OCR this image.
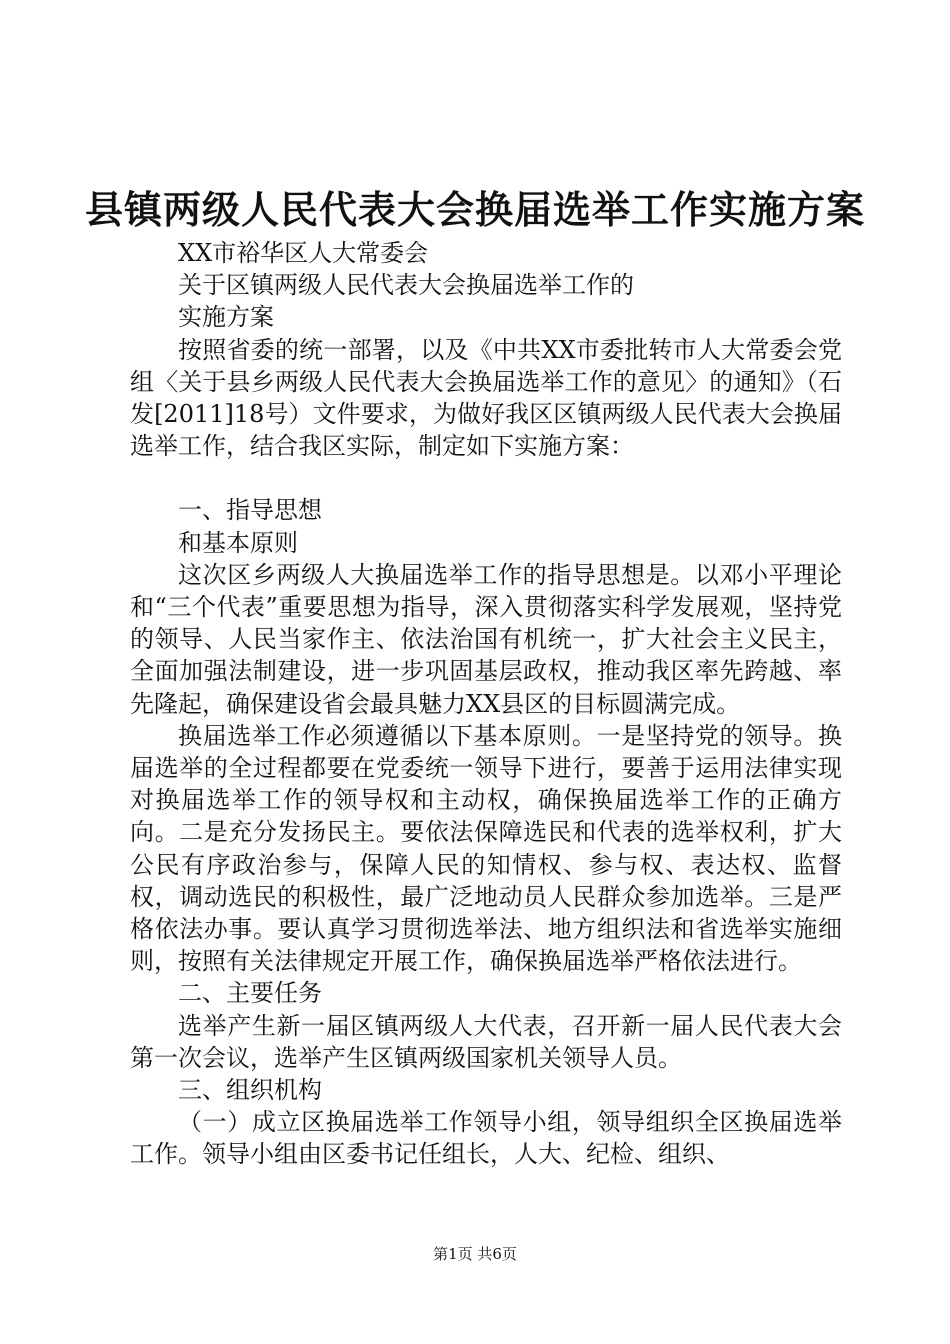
县镇两级人民代表大会换届选举工作实施方案

XX市裕华区人大常委会

关于区镇两级人民代表大会换届选举工作的

实施方案

按照省委的统一部署，以及《中共XX市委批转市人大常委会党组〈关于县乡两级人民代表大会换届选举工作的意见〉的通知》（石发[2011]18号）文件要求，为做好我区区镇两级人民代表大会换届选举工作，结合我区实际，制定如下实施方案：

一、指导思想

和基本原则

这次区乡两级人大换届选举工作的指导思想是。以邓小平理论和“三个代表”重要思想为指导，深入贯彻落实科学发展观，坚持党的领导、人民当家作主、依法治国有机统一，扩大社会主义民主，全面加强法制建设，进一步巩固基层政权，推动我区率先跨越、率先隆起，确保建设省会最具魅力XX县区的目标圆满完成。

换届选举工作必须遵循以下基本原则。一是坚持党的领导。换届选举的全过程都要在党委统一领导下进行，要善于运用法律实现对换届选举工作的领导权和主动权，确保换届选举工作的正确方向。二是充分发扬民主。要依法保障选民和代表的选举权利，扩大公民有序政治参与，保障人民的知情权、参与权、表达权、监督权，调动选民的积极性，最广泛地动员人民群众参加选举。三是严格依法办事。要认真学习贯彻选举法、地方组织法和省选举实施细则，按照有关法律规定开展工作，确保换届选举严格依法进行。

二、主要任务

选举产生新一届区镇两级人大代表，召开新一届人民代表大会第一次会议，选举产生区镇两级国家机关领导人员。

三、组织机构

（一）成立区换届选举工作领导小组，领导组织全区换届选举工作。领导小组由区委书记任组长，人大、纪检、组织、

第1页 共6页
